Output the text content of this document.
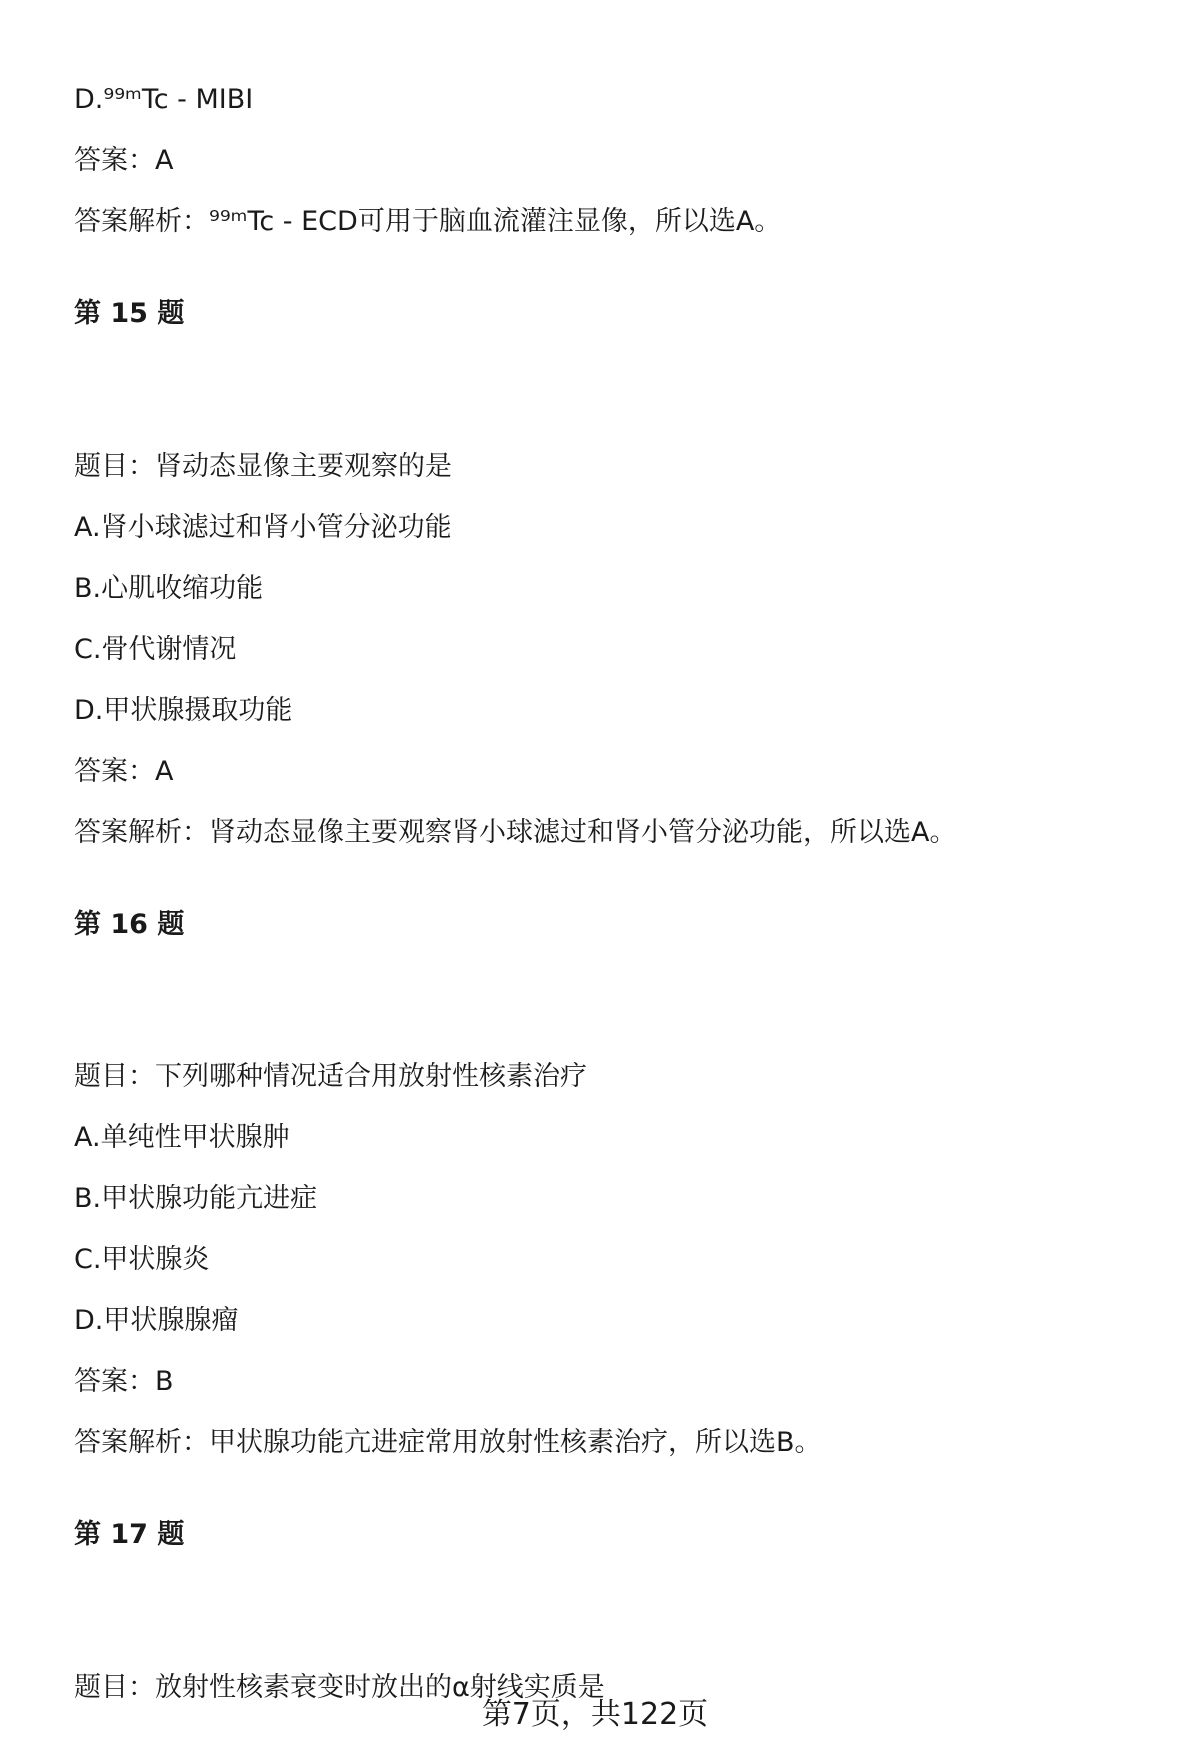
D.⁹⁹ᵐTc - MIBI
答案：A
答案解析：⁹⁹ᵐTc - ECD可用于脑血流灌注显像，所以选A。
第 15 题
题目：肾动态显像主要观察的是
A.肾小球滤过和肾小管分泌功能
B.心肌收缩功能
C.骨代谢情况
D.甲状腺摄取功能
答案：A
答案解析：肾动态显像主要观察肾小球滤过和肾小管分泌功能，所以选A。
第 16 题
题目：下列哪种情况适合用放射性核素治疗
A.单纯性甲状腺肿
B.甲状腺功能亢进症
C.甲状腺炎
D.甲状腺腺瘤
答案：B
答案解析：甲状腺功能亢进症常用放射性核素治疗，所以选B。
第 17 题
题目：放射性核素衰变时放出的α射线实质是
第7页，共122页
